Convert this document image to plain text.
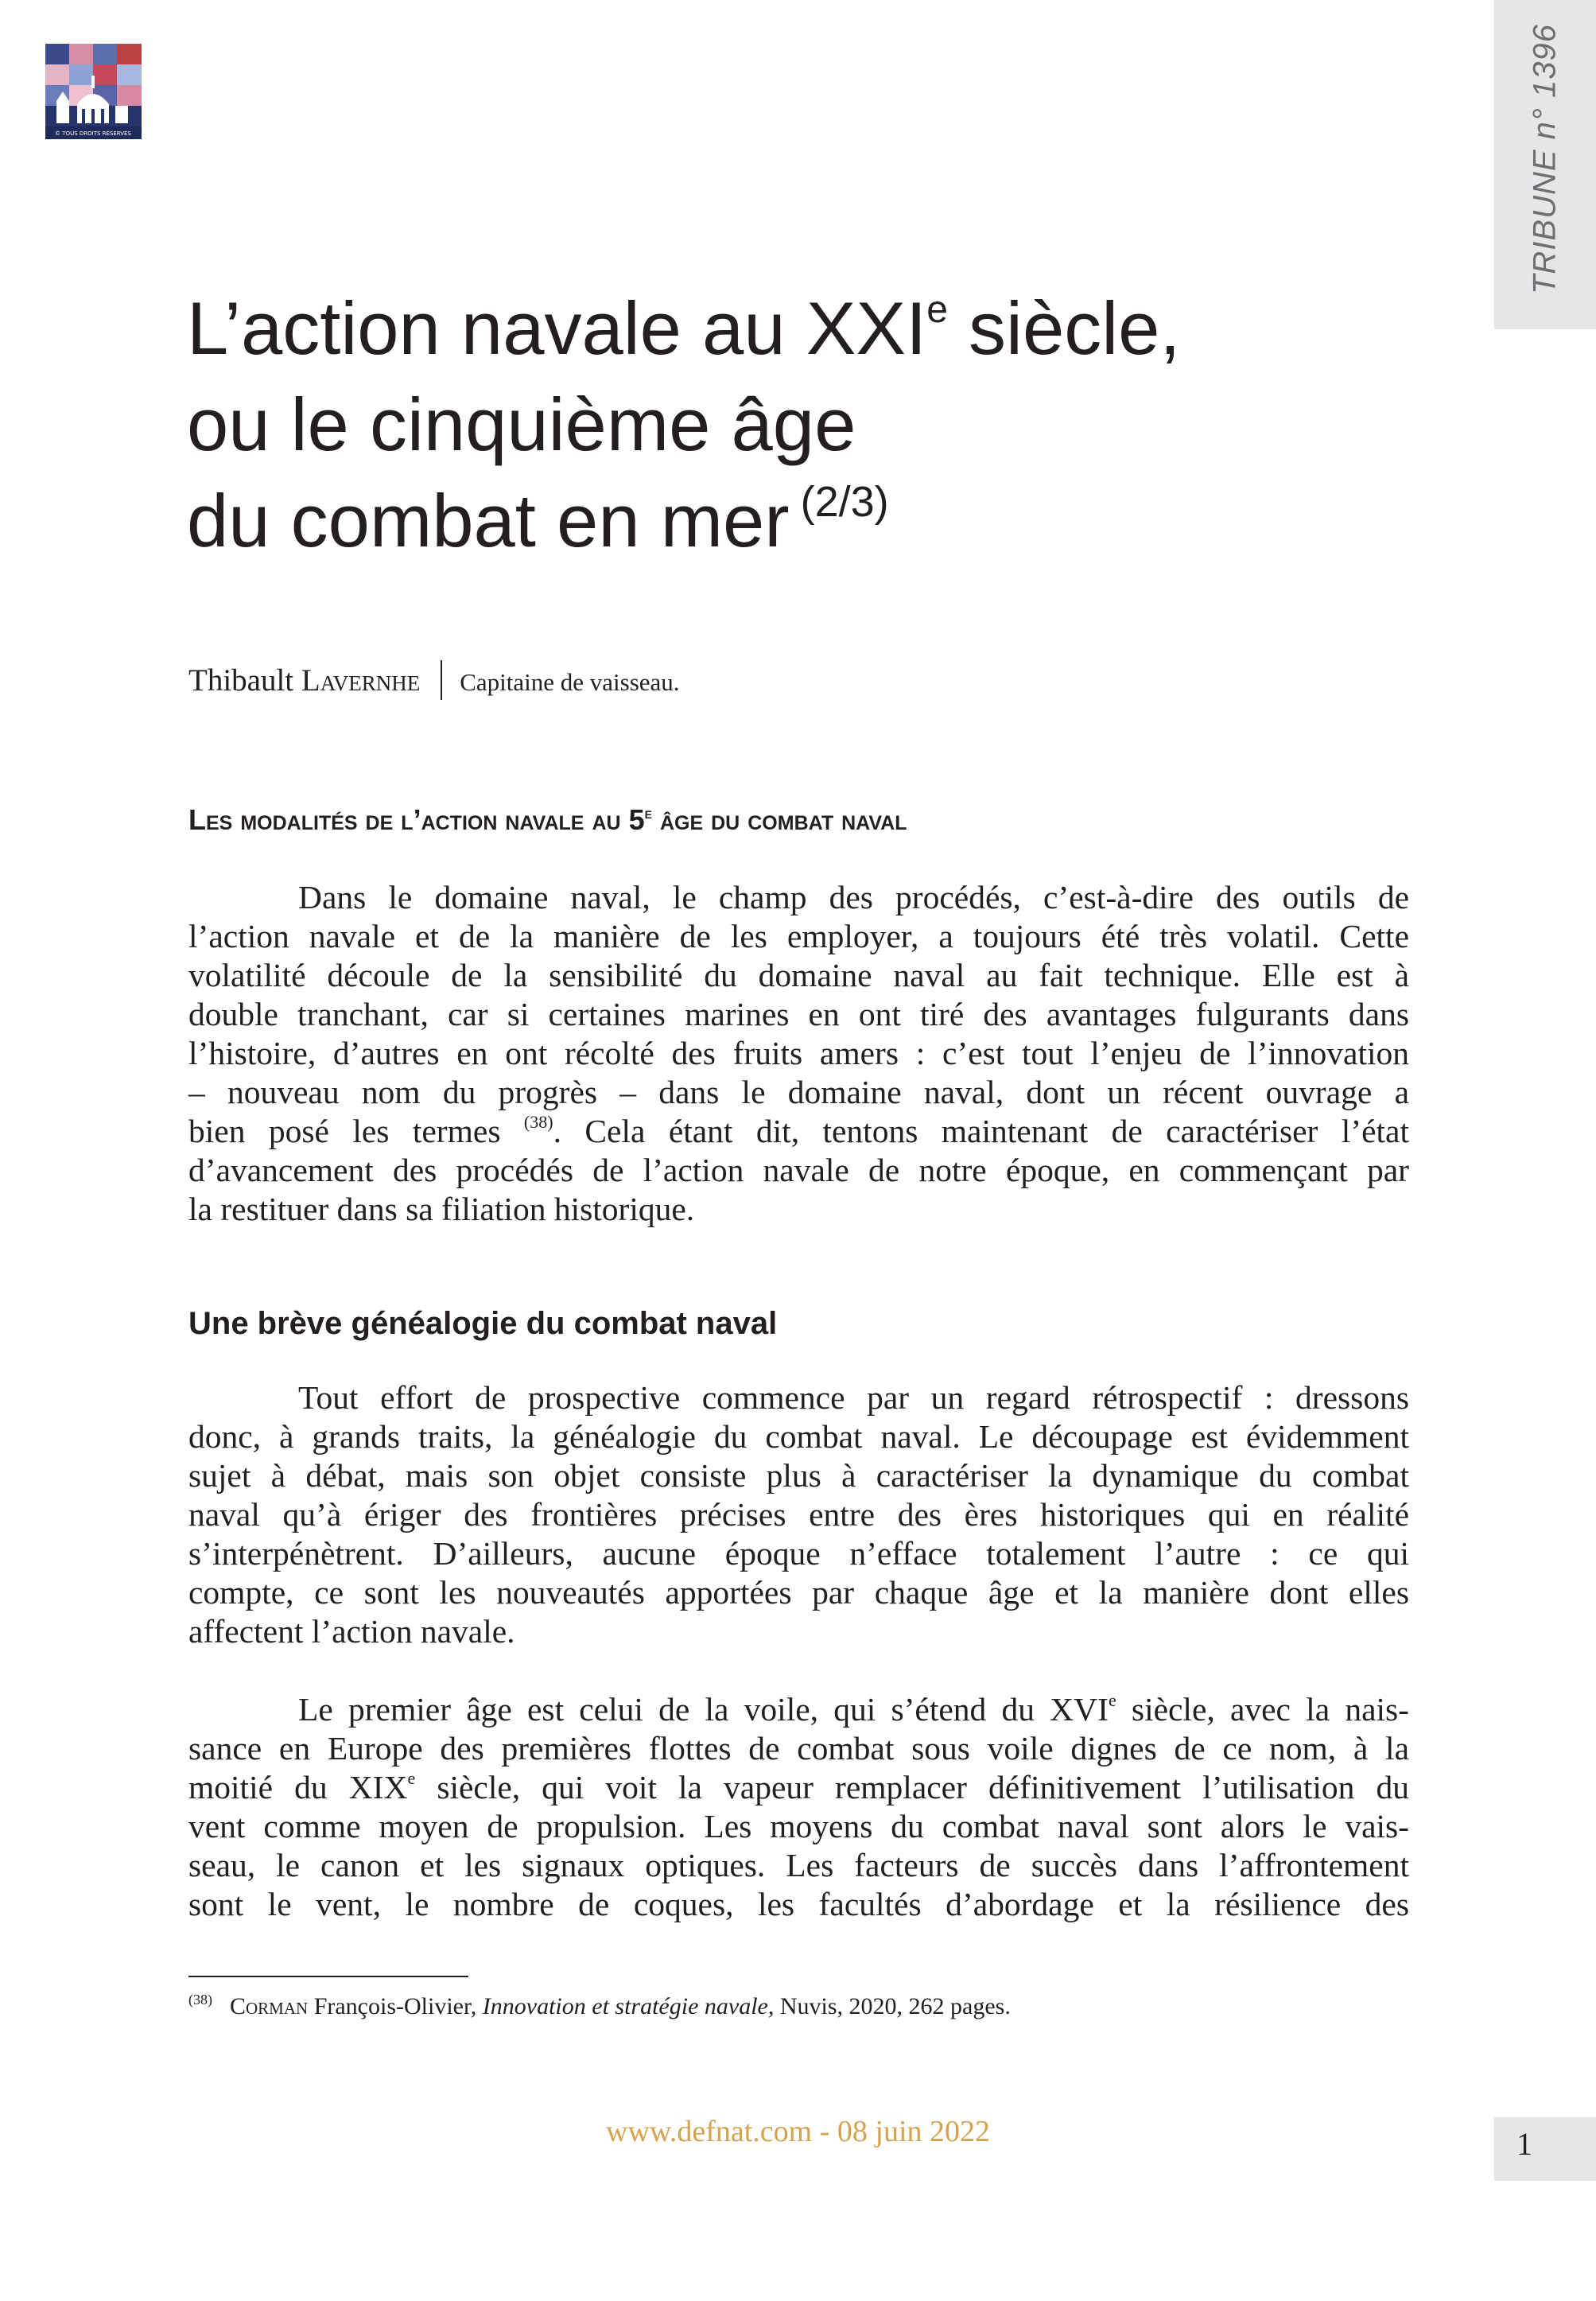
© TOUS DROITS RÉSERVÉS	TRIBUNE n° 1396
L’action navale au XXIe siècle,
ou le cinquième âge
du combat en mer $^{(2/3)}$
Thibault Lavernhe Capitaine de vaisseau.
Les modalités de l’action navale au 5e âge du combat naval

Dans le domaine naval, le champ des procédés, c’est-à-dire des outils de
l’action navale et de la manière de les employer, a toujours été très volatil. Cette
volatilité découle de la sensibilité du domaine naval au fait technique. Elle est à
double tranchant, car si certaines marines en ont tiré des avantages fulgurants dans
l’histoire, d’autres en ont récolté des fruits amers : c’est tout l’enjeu de l’innovation
– nouveau nom du progrès – dans le domaine naval, dont un récent ouvrage a
bien posé les termes $^{(38)}$. Cela étant dit, tentons maintenant de caractériser l’état
d’avancement des procédés de l’action navale de notre époque, en commençant par
la restituer dans sa filiation historique.

Une brève généalogie du combat naval

Tout effort de prospective commence par un regard rétrospectif : dressons
donc, à grands traits, la généalogie du combat naval. Le découpage est évidemment
sujet à débat, mais son objet consiste plus à caractériser la dynamique du combat
naval qu’à ériger des frontières précises entre des ères historiques qui en réalité
s’interpénètrent. D’ailleurs, aucune époque n’efface totalement l’autre : ce qui
compte, ce sont les nouveautés apportées par chaque âge et la manière dont elles
affectent l’action navale.

Le premier âge est celui de la voile, qui s’étend du XVIe siècle, avec la nais-
sance en Europe des premières flottes de combat sous voile dignes de ce nom, à la
moitié du XIXe siècle, qui voit la vapeur remplacer définitivement l’utilisation du
vent comme moyen de propulsion. Les moyens du combat naval sont alors le vais-
seau, le canon et les signaux optiques. Les facteurs de succès dans l’affrontement
sont le vent, le nombre de coques, les facultés d’abordage et la résilience des

$^{(38)}$ Corman François-Olivier, Innovation et stratégie navale, Nuvis, 2020, 262 pages.
www.defnat.com - 08 juin 2022	1
